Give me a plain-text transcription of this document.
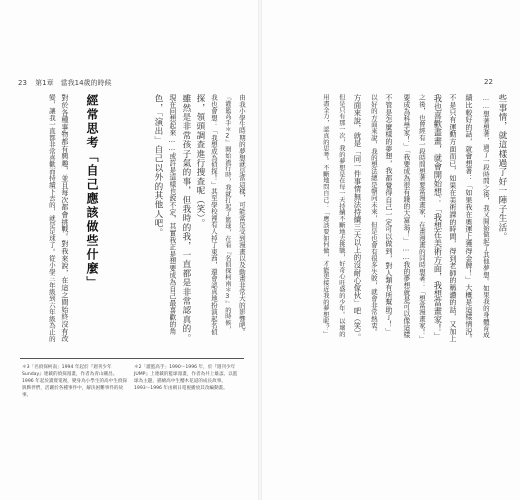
23 第1章　當我14歲的時候
由我小學生時期的夢想就是當這樣，可能當是受到漫畫以及動畫非常大的影響吧。
『灌籃高手＊2』開始流行時，我就打起了籃球，在看『名偵探柯南＊3』的時候，
我也會想：「我想成為偵探！」其至學校裡有人掉了東西，還會認真地扮演起名偵
探，領頭調查進行搜查呢（笑）。
雖然是非常孩子氣的事，但我時的我，一直都是非常認真的。
現在回想起來……或許是這樣也說不定，其實我正是想要成為自己最喜歡的角
色，「演出」自己以外的其他人吧。
經常思考「自己應該做些什麼」
對於各種事物都有興趣，並且每次都會挑戰。對我來說，在這之間始終沒有改
變，讓我一直都非常喜歡而持續下去的，就是足球了。從小學三年級到六年級為止的
＊2「灌籃高手」1990〜1996 年，於『週刊少年JUMP』上連載的籃球漫畫，作者為井上雄彥。以籃球為主題，描繪高中生櫻木花道的成長故事。1993〜1996 年由朝日電視播放其改編動畫。
＊3「名偵探柯南」1994 年起於『週刊少年Sunday』連載的偵探漫畫，作者為青山剛昌。1996 年起於讀賣電視，變身為小學生的高中生偵探與夥伴們，活躍於各種事件中，解決困難事件的故事。
22
些事情，就這樣過了好一陣子生活。
……想著想著，過了一段時間之後，我又開始做起了其他夢想。如果我的身體育成
績比較好的話，就會想著：「如果我在奧運上獲得金牌！」大概是這樣情況。
不是只有運動方面而已，如果在美術課的時間，得到老師的稱讚的話，又加上
我也喜歡畫畫，就會開始想：「我想在美術方面，我想當畫家！」
之後，也曾經有一段時間想著要當漫畫家，在畫漫畫的同時想著：「想當漫畫家！」
要成為科學家！」「我要成為很有錢的大富翁！」……我的夢想就是可以像這樣
不管是怎麼樣的夢想，我都覺得自己一定可以做到，對人類有所幫助了！」
以好的方面來說，我的想法總是朝向未來，但是也會有很多失敗，就會非常熱衷。
方面來說，就是「同一件事情無法持續三天以上的沒耐心傢伙」吧（笑）。
但是只有那一次，我的夢想是在每一天持續不斷地去挑戰，好奇心旺盛的少年。以壞的
用盡全力，認真的思考。不斷地問自己：「應該要如何做，才能更接近我的夢想呢？」
